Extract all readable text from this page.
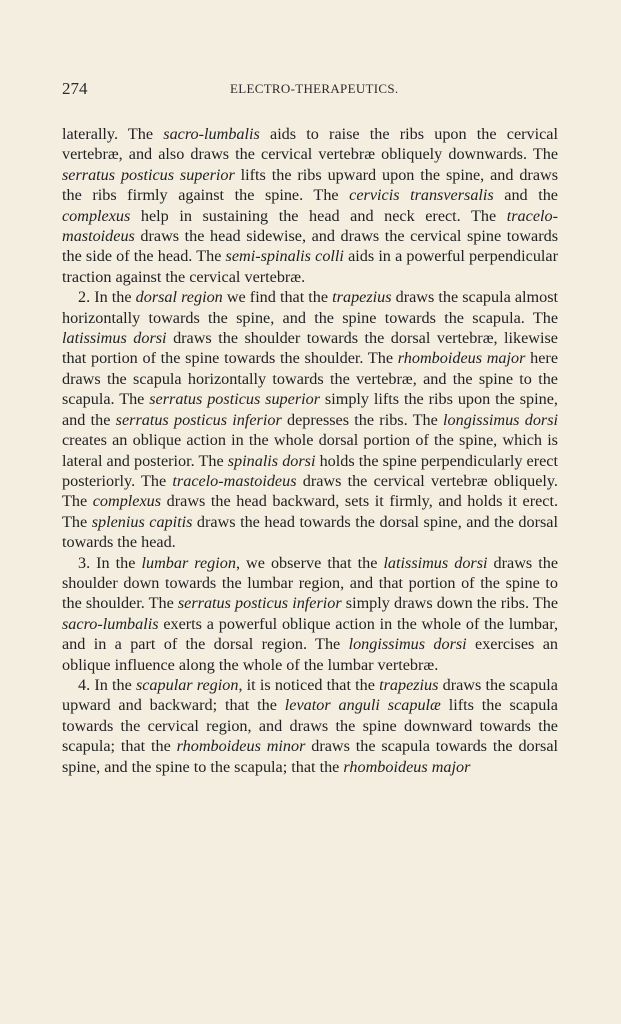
274	ELECTRO-THERAPEUTICS.

laterally. The sacro-lumbalis aids to raise the ribs upon the cervical vertebræ, and also draws the cervical vertebræ obliquely downwards. The serratus posticus superior lifts the ribs upward upon the spine, and draws the ribs firmly against the spine. The cervicis transversalis and the complexus help in sustaining the head and neck erect. The tracelo-mastoideus draws the head sidewise, and draws the cervical spine towards the side of the head. The semi-spinalis colli aids in a powerful perpendicular traction against the cervical vertebræ.

2. In the dorsal region we find that the trapezius draws the scapula almost horizontally towards the spine, and the spine towards the scapula. The latissimus dorsi draws the shoulder towards the dorsal vertebræ, likewise that portion of the spine towards the shoulder. The rhomboideus major here draws the scapula horizontally towards the vertebræ, and the spine to the scapula. The serratus posticus superior simply lifts the ribs upon the spine, and the serratus posticus inferior depresses the ribs. The longissimus dorsi creates an oblique action in the whole dorsal portion of the spine, which is lateral and posterior. The spinalis dorsi holds the spine perpendicularly erect posteriorly. The tracelo-mastoideus draws the cervical vertebræ obliquely. The complexus draws the head backward, sets it firmly, and holds it erect. The splenius capitis draws the head towards the dorsal spine, and the dorsal towards the head.

3. In the lumbar region, we observe that the latissimus dorsi draws the shoulder down towards the lumbar region, and that portion of the spine to the shoulder. The serratus posticus inferior simply draws down the ribs. The sacro-lumbalis exerts a powerful oblique action in the whole of the lumbar, and in a part of the dorsal region. The longissimus dorsi exercises an oblique influence along the whole of the lumbar vertebræ.

4. In the scapular region, it is noticed that the trapezius draws the scapula upward and backward; that the levator anguli scapulæ lifts the scapula towards the cervical region, and draws the spine downward towards the scapula; that the rhomboideus minor draws the scapula towards the dorsal spine, and the spine to the scapula; that the rhomboideus major
